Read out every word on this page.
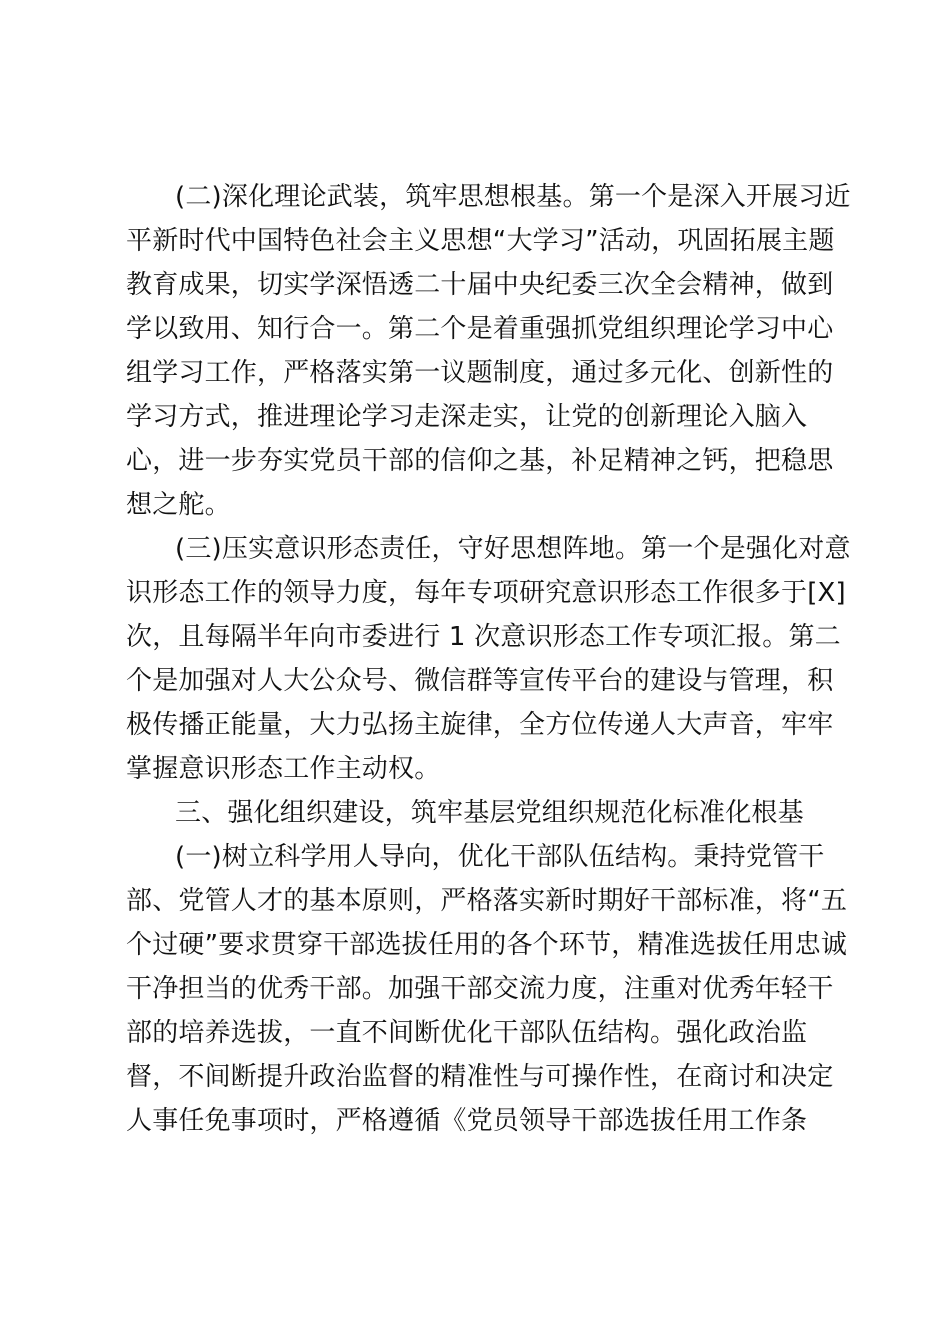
(二)深化理论武装，筑牢思想根基。第一个是深入开展习近
平新时代中国特色社会主义思想“大学习”活动，巩固拓展主题
教育成果，切实学深悟透二十届中央纪委三次全会精神，做到
学以致用、知行合一。第二个是着重强抓党组织理论学习中心
组学习工作，严格落实第一议题制度，通过多元化、创新性的
学习方式，推进理论学习走深走实，让党的创新理论入脑入
心，进一步夯实党员干部的信仰之基，补足精神之钙，把稳思
想之舵。
(三)压实意识形态责任，守好思想阵地。第一个是强化对意
识形态工作的领导力度，每年专项研究意识形态工作很多于[X]
次，且每隔半年向市委进行 1 次意识形态工作专项汇报。第二
个是加强对人大公众号、微信群等宣传平台的建设与管理，积
极传播正能量，大力弘扬主旋律，全方位传递人大声音，牢牢
掌握意识形态工作主动权。
三、强化组织建设，筑牢基层党组织规范化标准化根基
(一)树立科学用人导向，优化干部队伍结构。秉持党管干
部、党管人才的基本原则，严格落实新时期好干部标准，将“五
个过硬”要求贯穿干部选拔任用的各个环节，精准选拔任用忠诚
干净担当的优秀干部。加强干部交流力度，注重对优秀年轻干
部的培养选拔，一直不间断优化干部队伍结构。强化政治监
督，不间断提升政治监督的精准性与可操作性，在商讨和决定
人事任免事项时，严格遵循《党员领导干部选拔任用工作条
